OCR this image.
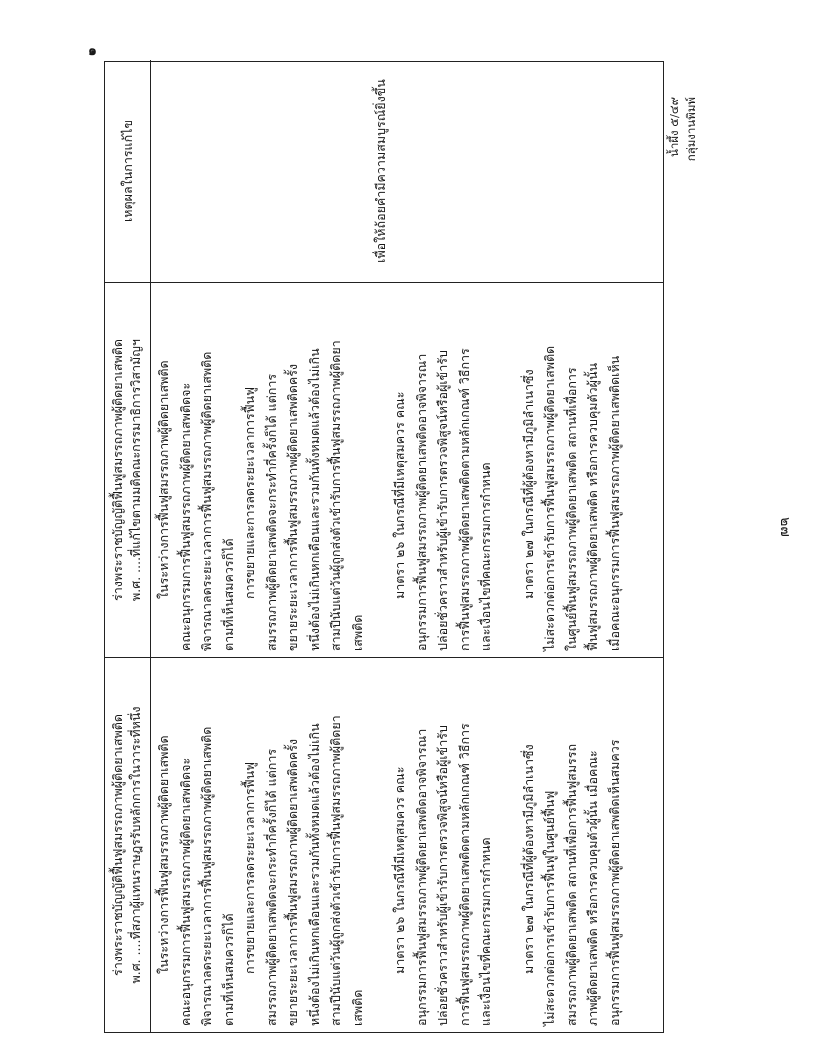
๑
๒๗
ร่างพระราชบัญญัติฟื้นฟูสมรรถภาพผู้ติดยาเสพติด พ.ศ. ....ที่สภาผู้แทนราษฎรรับหลักการในวาระที่หนึ่ง ในระหว่างการฟื้นฟูสมรรถภาพผู้ติดยาเสพติด คณะอนุกรรมการฟื้นฟูสมรรถภาพผู้ติดยาเสพติดจะ พิจารณาลดระยะเวลาการฟื้นฟูสมรรถภาพผู้ติดยาเสพติด ตามที่เห็นสมควรก็ได้ การขยายและการลดระยะเวลาการฟื้นฟู สมรรถภาพผู้ติดยาเสพติดจะกระทำกี่ครั้งก็ได้ แต่การ ขยายระยะเวลาการฟื้นฟูสมรรถภาพผู้ติดยาเสพติดครั้ง หนึ่งต้องไม่เกินหกเดือนและรวมกันทั้งหมดแล้วต้องไม่เกิน สามปีนับแต่วันผู้ถูกส่งตัวเข้ารับการฟื้นฟูสมรรถภาพผู้ติดยา เสพติด

มาตรา ๒๖ ในกรณีที่มีเหตุสมควร คณะ อนุกรรมการฟื้นฟูสมรรถภาพผู้ติดยาเสพติดอาจพิจารณา ปล่อยชั่วคราวสำหรับผู้เข้ารับการตรวจพิสูจน์หรือผู้เข้ารับ การฟื้นฟูสมรรถภาพผู้ติดยาเสพติดตามหลักเกณฑ์ วิธีการ และเงื่อนไขที่คณะกรรมการกำหนด มาตรา ๒๗ ในกรณีที่ผู้ต้องหามีภูมิลำเนาซึ่ง ไม่สะดวกต่อการเข้ารับการฟื้นฟูในศูนย์ฟื้นฟู สมรรถภาพผู้ติดยาเสพติด สถานที่เพื่อการฟื้นฟูสมรรถ ภาพผู้ติดยาเสพติด หรือการควบคุมตัวผู้นั้น เมื่อคณะ อนุกรรมการฟื้นฟูสมรรถภาพผู้ติดยาเสพติดเห็นสมควร

ร่างพระราชบัญญัติฟื้นฟูสมรรถภาพผู้ติดยาเสพติด พ.ศ. ....ที่แก้ไขตามมติคณะกรรมาธิการวิสามัญฯ ในระหว่างการฟื้นฟูสมรรถภาพผู้ติดยาเสพติด คณะอนุกรรมการฟื้นฟูสมรรถภาพผู้ติดยาเสพติดจะ พิจารณาลดระยะเวลาการฟื้นฟูสมรรถภาพผู้ติดยาเสพติด ตามที่เห็นสมควรก็ได้ การขยายและการลดระยะเวลาการฟื้นฟู สมรรถภาพผู้ติดยาเสพติดจะกระทำกี่ครั้งก็ได้ แต่การ ขยายระยะเวลาการฟื้นฟูสมรรถภาพผู้ติดยาเสพติดครั้ง หนึ่งต้องไม่เกินหกเดือนและรวมกันทั้งหมดแล้วต้องไม่เกิน สามปีนับแต่วันผู้ถูกส่งตัวเข้ารับการฟื้นฟูสมรรถภาพผู้ติดยา เสพติด

มาตรา ๒๖ ในกรณีที่มีเหตุสมควร คณะ อนุกรรมการฟื้นฟูสมรรถภาพผู้ติดยาเสพติดอาจพิจารณา ปล่อยชั่วคราวสำหรับผู้เข้ารับการตรวจพิสูจน์หรือผู้เข้ารับ การฟื้นฟูสมรรถภาพผู้ติดยาเสพติดตามหลักเกณฑ์ วิธีการ และเงื่อนไขที่คณะกรรมการกำหนด มาตรา ๒๗ ในกรณีที่ผู้ต้องหามีภูมิลำเนาซึ่ง ไม่สะดวกต่อการเข้ารับการฟื้นฟูสมรรถภาพผู้ติดยาเสพติด ในศูนย์ฟื้นฟูสมรรถภาพผู้ติดยาเสพติด สถานที่เพื่อการ ฟื้นฟูสมรรถภาพผู้ติดยาเสพติด หรือการควบคุมตัวผู้นั้น เมื่อคณะอนุกรรมการฟื้นฟูสมรรถภาพผู้ติดยาเสพติดเห็น

เหตุผลในการแก้ไข	เพื่อให้ถ้อยคำมีความสมบูรณ์ยิ่งขึ้น	น้ำผึ้ง ๕/๔๙ กลุ่มงานพิมพ์
